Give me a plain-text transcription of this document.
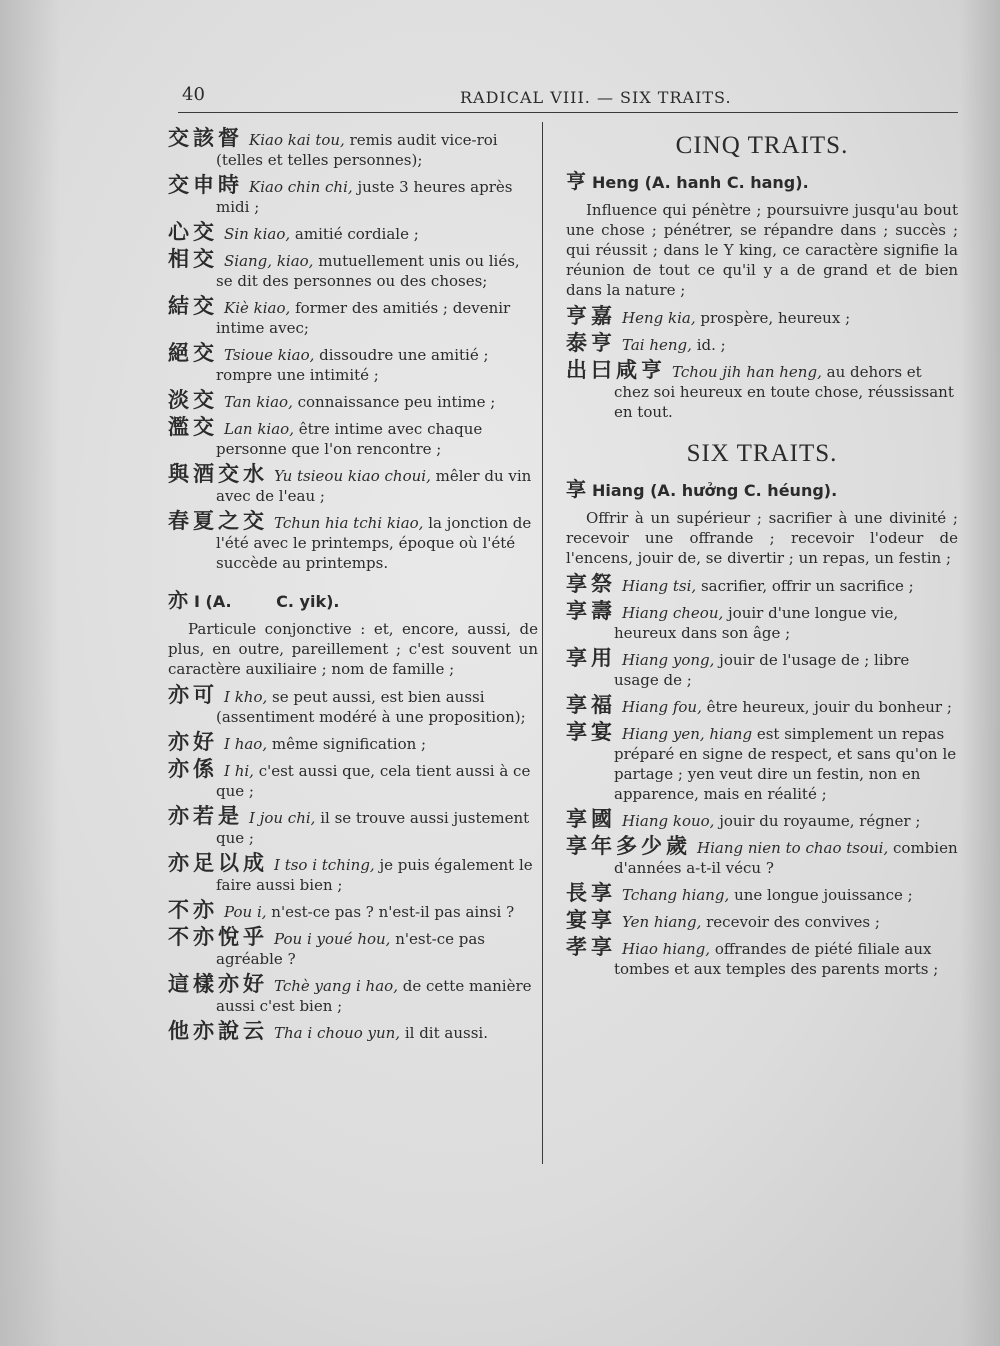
40	RADICAL VIII. — SIX TRAITS.
交該督 Kiao kai tou, remis audit vice-roi (telles et telles personnes);
交申時 Kiao chin chi, juste 3 heures après midi ;
心交 Sin kiao, amitié cordiale ;
相交 Siang, kiao, mutuellement unis ou liés, se dit des personnes ou des choses;
結交 Kiè kiao, former des amitiés ; devenir intime avec;
絕交 Tsioue kiao, dissoudre une amitié ; rompre une intimité ;
淡交 Tan kiao, connaissance peu intime ;
濫交 Lan kiao, être intime avec chaque personne que l'on rencontre ;
與酒交水 Yu tsieou kiao choui, mêler du vin avec de l'eau ;
春夏之交 Tchun hia tchi kiao, la jonction de l'été avec le printemps, époque où l'été succède au printemps.
亦 I (A.	C. yik).

Particule conjonctive : et, encore, aussi, de plus, en outre, pareillement ; c'est souvent un caractère auxiliaire ; nom de famille ;

亦可 I kho, se peut aussi, est bien aussi (assentiment modéré à une proposition);
亦好 I hao, même signification ;
亦係 I hi, c'est aussi que, cela tient aussi à ce que ;
亦若是 I jou chi, il se trouve aussi justement que ;
亦足以成 I tso i tching, je puis également le faire aussi bien ;
不亦 Pou i, n'est-ce pas ? n'est-il pas ainsi ?
不亦悅乎 Pou i youé hou, n'est-ce pas agréable ?
這樣亦好 Tchè yang i hao, de cette manière aussi c'est bien ;
他亦說云 Tha i chouo yun, il dit aussi.
CINQ TRAITS.
亨 Heng (A. hanh C. hang).

Influence qui pénètre ; poursuivre jusqu'au bout une chose ; pénétrer, se répandre dans ; succès ; qui réussit ; dans le Y king, ce caractère signifie la réunion de tout ce qu'il y a de grand et de bien dans la nature ;

亨嘉 Heng kia, prospère, heureux ;
泰亨 Tai heng, id. ;
出曰咸亨 Tchou jih han heng, au dehors et chez soi heureux en toute chose, réussissant en tout.
SIX TRAITS.
享 Hiang (A. hưởng C. héung).

Offrir à un supérieur ; sacrifier à une divinité ; recevoir une offrande ; recevoir l'odeur de l'encens, jouir de, se divertir ; un repas, un festin ;

享祭 Hiang tsi, sacrifier, offrir un sacrifice ;
享壽 Hiang cheou, jouir d'une longue vie, heureux dans son âge ;
享用 Hiang yong, jouir de l'usage de ; libre usage de ;
享福 Hiang fou, être heureux, jouir du bonheur ;
享宴 Hiang yen, hiang est simplement un repas préparé en signe de respect, et sans qu'on le partage ; yen veut dire un festin, non en apparence, mais en réalité ;
享國 Hiang kouo, jouir du royaume, régner ;
享年多少歲 Hiang nien to chao tsoui, combien d'années a-t-il vécu ?
長享 Tchang hiang, une longue jouissance ;
宴享 Yen hiang, recevoir des convives ;
孝享 Hiao hiang, offrandes de piété filiale aux tombes et aux temples des parents morts ;
